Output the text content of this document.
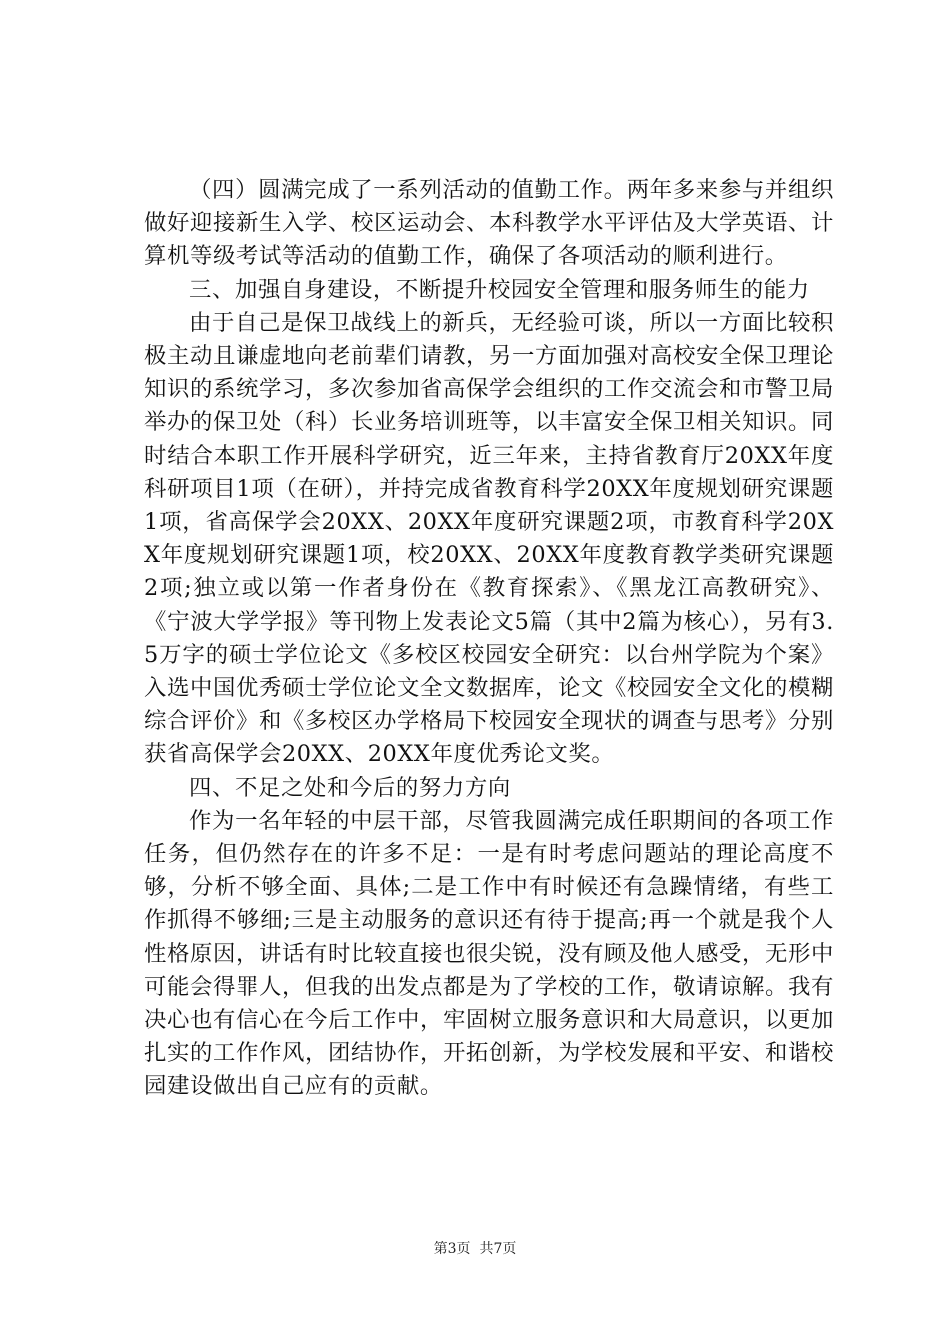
（四）圆满完成了一系列活动的值勤工作。两年多来参与并组织做好迎接新生入学、校区运动会、本科教学水平评估及大学英语、计算机等级考试等活动的值勤工作，确保了各项活动的顺利进行。

三、加强自身建设，不断提升校园安全管理和服务师生的能力

由于自己是保卫战线上的新兵，无经验可谈，所以一方面比较积极主动且谦虚地向老前辈们请教，另一方面加强对高校安全保卫理论知识的系统学习，多次参加省高保学会组织的工作交流会和市警卫局举办的保卫处（科）长业务培训班等，以丰富安全保卫相关知识。同时结合本职工作开展科学研究，近三年来，主持省教育厅20XX年度科研项目1项（在研），并持完成省教育科学20XX年度规划研究课题1项，省高保学会20XX、20XX年度研究课题2项，市教育科学20XX年度规划研究课题1项，校20XX、20XX年度教育教学类研究课题2项;独立或以第一作者身份在《教育探索》、《黑龙江高教研究》、《宁波大学学报》等刊物上发表论文5篇（其中2篇为核心），另有3.5万字的硕士学位论文《多校区校园安全研究：以台州学院为个案》入选中国优秀硕士学位论文全文数据库，论文《校园安全文化的模糊综合评价》和《多校区办学格局下校园安全现状的调查与思考》分别获省高保学会20XX、20XX年度优秀论文奖。

四、不足之处和今后的努力方向

作为一名年轻的中层干部，尽管我圆满完成任职期间的各项工作任务，但仍然存在的许多不足：一是有时考虑问题站的理论高度不够，分析不够全面、具体;二是工作中有时候还有急躁情绪，有些工作抓得不够细;三是主动服务的意识还有待于提高;再一个就是我个人性格原因，讲话有时比较直接也很尖锐，没有顾及他人感受，无形中可能会得罪人，但我的出发点都是为了学校的工作，敬请谅解。我有决心也有信心在今后工作中，牢固树立服务意识和大局意识，以更加扎实的工作作风，团结协作，开拓创新，为学校发展和平安、和谐校园建设做出自己应有的贡献。

第3页 共7页
